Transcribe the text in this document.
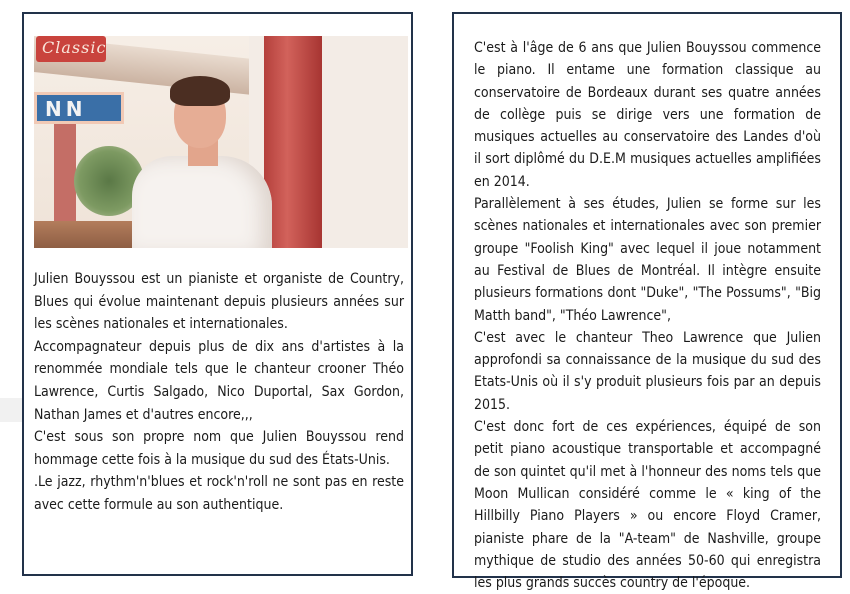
Classic
NN

Julien Bouyssou est un pianiste et organiste de Country, Blues qui évolue maintenant depuis plusieurs années sur les scènes nationales et internationales.

Accompagnateur depuis plus de dix ans d'artistes à la renommée mondiale tels que le chanteur crooner Théo Lawrence, Curtis Salgado, Nico Duportal, Sax Gordon, Nathan James et d'autres encore,,,

C'est sous son propre nom que Julien Bouyssou rend hommage cette fois à la musique du sud des États-Unis.

.Le jazz, rhythm'n'blues et rock'n'roll ne sont pas en reste avec cette formule au son authentique.

C'est à l'âge de 6 ans que Julien Bouyssou commence le piano. Il entame une formation classique au conservatoire de Bordeaux durant ses quatre années de collège puis se dirige vers une formation de musiques actuelles au conservatoire des Landes d'où il sort diplômé du D.E.M musiques actuelles amplifiées en 2014.

Parallèlement à ses études, Julien se forme sur les scènes nationales et internationales avec son premier groupe "Foolish King" avec lequel il joue notamment au Festival de Blues de Montréal. Il intègre ensuite plusieurs formations dont "Duke", "The Possums", "Big Matth band", "Théo Lawrence",

C'est avec le chanteur Theo Lawrence que Julien approfondi sa connaissance de la musique du sud des Etats-Unis où il s'y produit plusieurs fois par an depuis 2015.

C'est donc fort de ces expériences, équipé de son petit piano acoustique transportable et accompagné de son quintet qu'il met à l'honneur des noms tels que Moon Mullican considéré comme le « king of the Hillbilly Piano Players » ou encore Floyd Cramer, pianiste phare de la "A-team" de Nashville, groupe mythique de studio des années 50-60 qui enregistra les plus grands succès country de l'époque.
